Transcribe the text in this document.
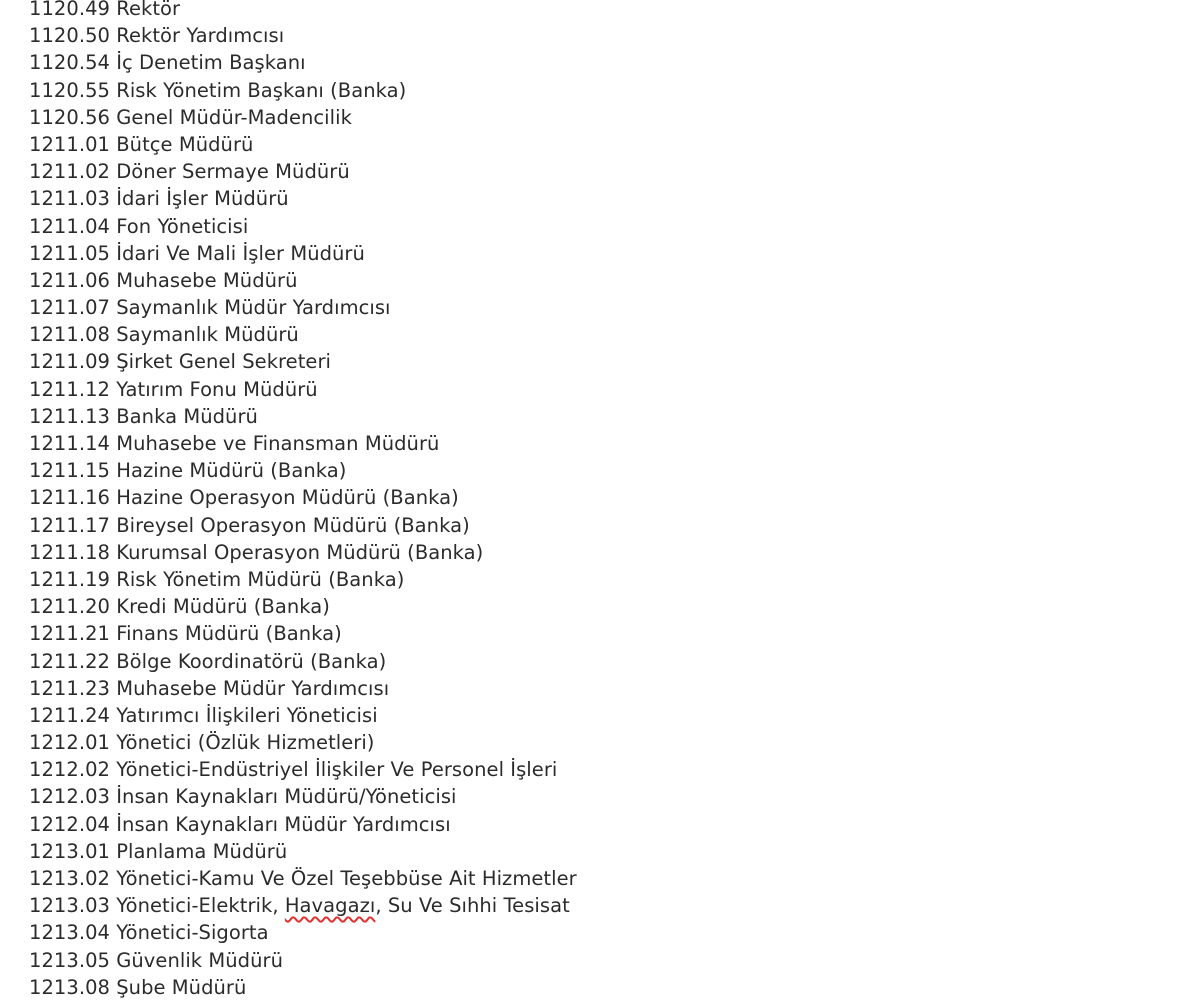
1120.49 Rektör
1120.50 Rektör Yardımcısı
1120.54 İç Denetim Başkanı
1120.55 Risk Yönetim Başkanı (Banka)
1120.56 Genel Müdür-Madencilik
1211.01 Bütçe Müdürü
1211.02 Döner Sermaye Müdürü
1211.03 İdari İşler Müdürü
1211.04 Fon Yöneticisi
1211.05 İdari Ve Mali İşler Müdürü
1211.06 Muhasebe Müdürü
1211.07 Saymanlık Müdür Yardımcısı
1211.08 Saymanlık Müdürü
1211.09 Şirket Genel Sekreteri
1211.12 Yatırım Fonu Müdürü
1211.13 Banka Müdürü
1211.14 Muhasebe ve Finansman Müdürü
1211.15 Hazine Müdürü (Banka)
1211.16 Hazine Operasyon Müdürü (Banka)
1211.17 Bireysel Operasyon Müdürü (Banka)
1211.18 Kurumsal Operasyon Müdürü (Banka)
1211.19 Risk Yönetim Müdürü (Banka)
1211.20 Kredi Müdürü (Banka)
1211.21 Finans Müdürü (Banka)
1211.22 Bölge Koordinatörü (Banka)
1211.23 Muhasebe Müdür Yardımcısı
1211.24 Yatırımcı İlişkileri Yöneticisi
1212.01 Yönetici (Özlük Hizmetleri)
1212.02 Yönetici-Endüstriyel İlişkiler Ve Personel İşleri
1212.03 İnsan Kaynakları Müdürü/Yöneticisi
1212.04 İnsan Kaynakları Müdür Yardımcısı
1213.01 Planlama Müdürü
1213.02 Yönetici-Kamu Ve Özel Teşebbüse Ait Hizmetler
1213.03 Yönetici-Elektrik, Havagazı, Su Ve Sıhhi Tesisat
1213.04 Yönetici-Sigorta
1213.05 Güvenlik Müdürü
1213.08 Şube Müdürü
